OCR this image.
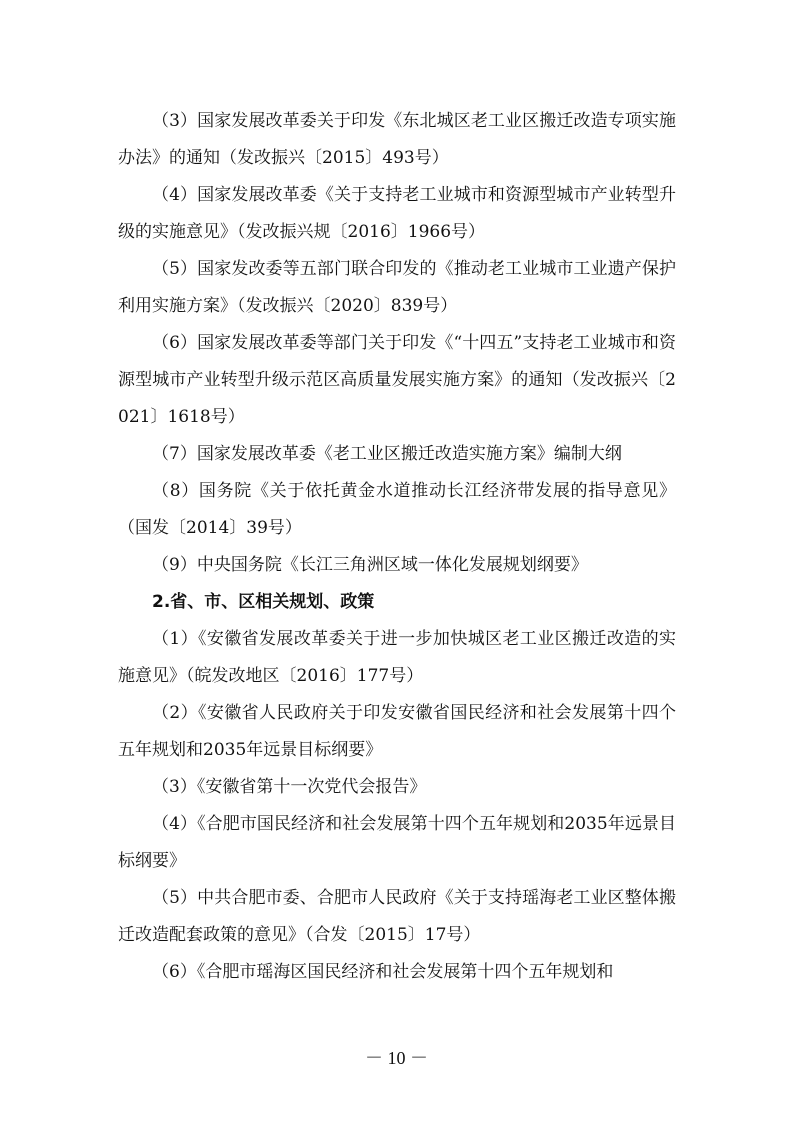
（3）国家发展改革委关于印发《东北城区老工业区搬迁改造专项实施办法》的通知（发改振兴〔2015〕493号）

（4）国家发展改革委《关于支持老工业城市和资源型城市产业转型升级的实施意见》（发改振兴规〔2016〕1966号）

（5）国家发改委等五部门联合印发的《推动老工业城市工业遗产保护利用实施方案》（发改振兴〔2020〕839号）

（6）国家发展改革委等部门关于印发《“十四五”支持老工业城市和资源型城市产业转型升级示范区高质量发展实施方案》的通知（发改振兴〔2021〕1618号）

（7）国家发展改革委《老工业区搬迁改造实施方案》编制大纲

（8）国务院《关于依托黄金水道推动长江经济带发展的指导意见》（国发〔2014〕39号）

（9）中央国务院《长江三角洲区域一体化发展规划纲要》

2.省、市、区相关规划、政策

（1）《安徽省发展改革委关于进一步加快城区老工业区搬迁改造的实施意见》（皖发改地区〔2016〕177号）

（2）《安徽省人民政府关于印发安徽省国民经济和社会发展第十四个五年规划和2035年远景目标纲要》

（3）《安徽省第十一次党代会报告》

（4）《合肥市国民经济和社会发展第十四个五年规划和2035年远景目标纲要》

（5）中共合肥市委、合肥市人民政府《关于支持瑶海老工业区整体搬迁改造配套政策的意见》（合发〔2015〕17号）

（6）《合肥市瑶海区国民经济和社会发展第十四个五年规划和

－ 10 －
